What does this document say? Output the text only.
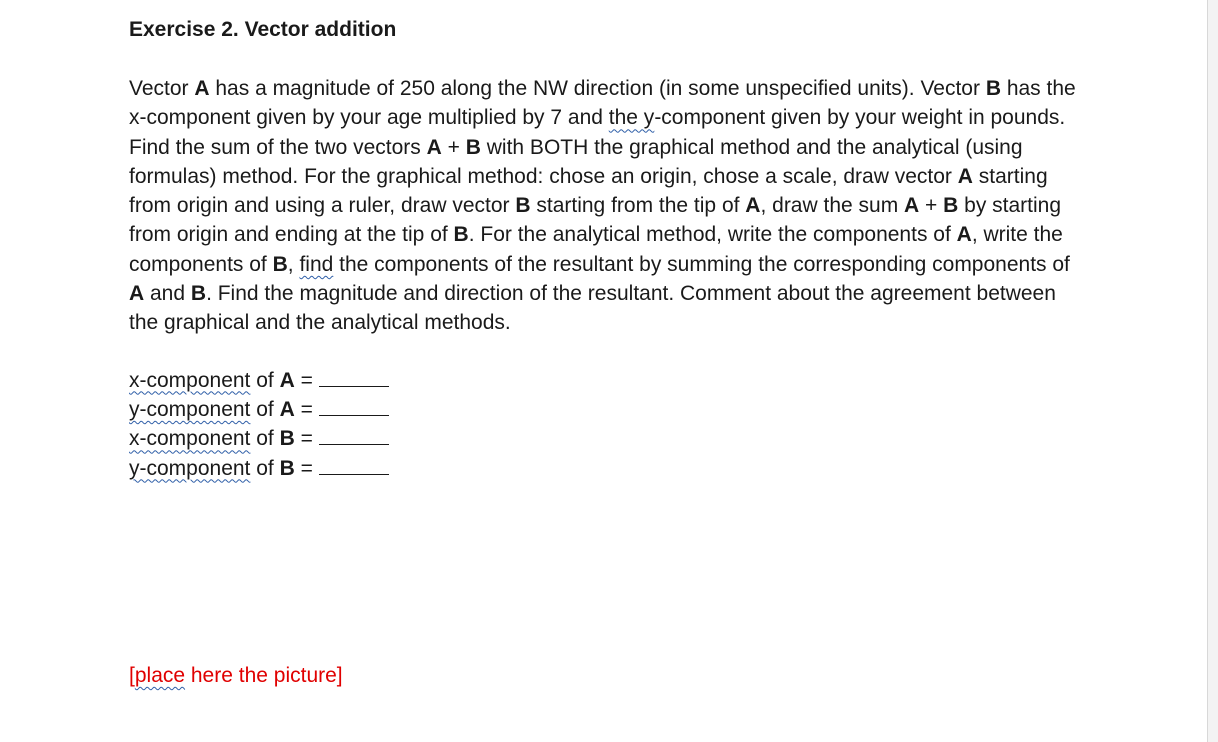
Exercise 2. Vector addition

Vector A has a magnitude of 250 along the NW direction (in some unspecified units). Vector B has the x-component given by your age multiplied by 7 and the y-component given by your weight in pounds. Find the sum of the two vectors A + B with BOTH the graphical method and the analytical (using formulas) method. For the graphical method: chose an origin, chose a scale, draw vector A starting from origin and using a ruler, draw vector B starting from the tip of A, draw the sum A + B by starting from origin and ending at the tip of B. For the analytical method, write the components of A, write the components of B, find the components of the resultant by summing the corresponding components of A and B. Find the magnitude and direction of the resultant. Comment about the agreement between the graphical and the analytical methods.
x-component of A =
y-component of A =
x-component of B =
y-component of B =
[place here the picture]
